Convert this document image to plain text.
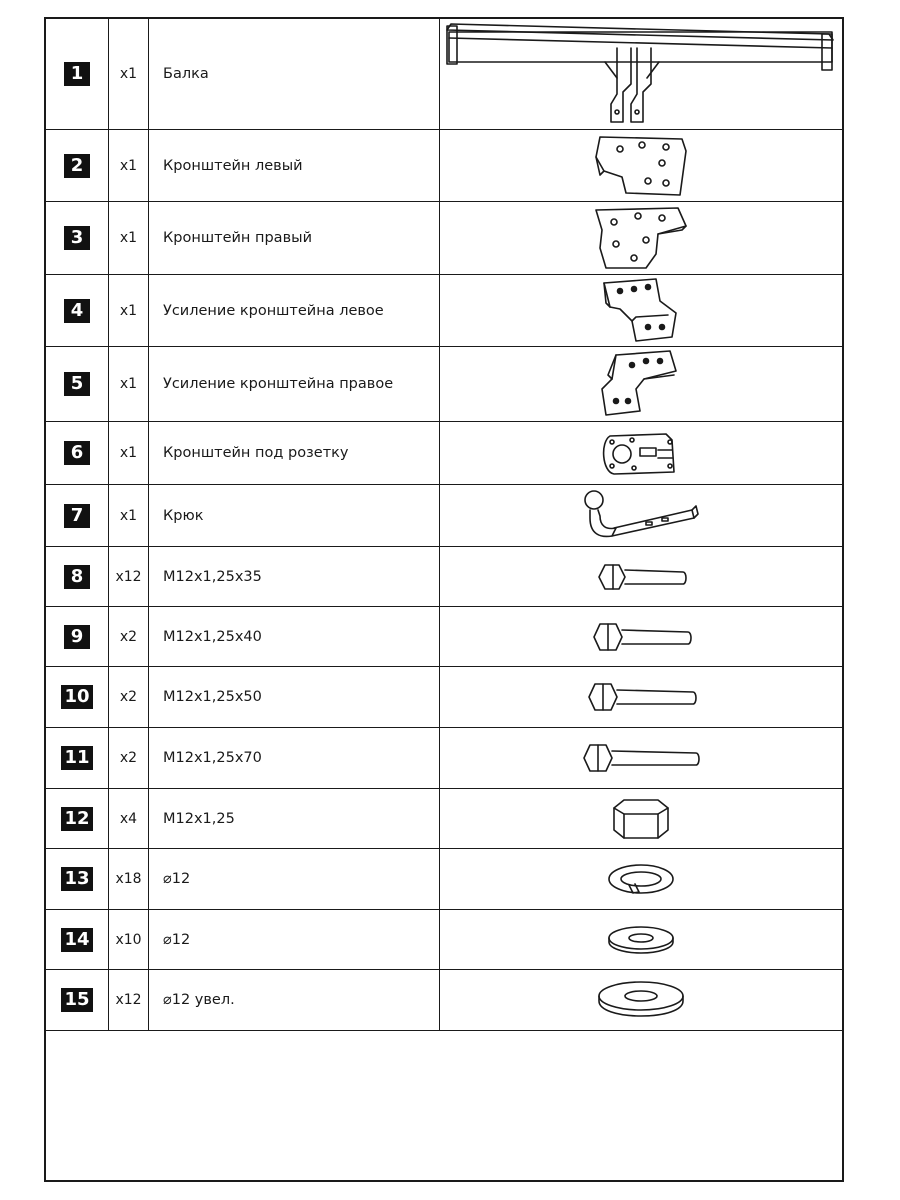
1	x1	Балка
2	x1	Кронштейн левый
3	x1	Кронштейн правый
4	x1	Усиление кронштейна левое
5	x1	Усиление кронштейна правое
6	x1	Кронштейн под розетку
7	x1	Крюк
8	x12	M12x1,25x35
9	x2	M12x1,25x40
10	x2	M12x1,25x50
11	x2	M12x1,25x70
12	x4	M12x1,25
13	x18	⌀12
14	x10	⌀12
15	x12	⌀12 увел.
